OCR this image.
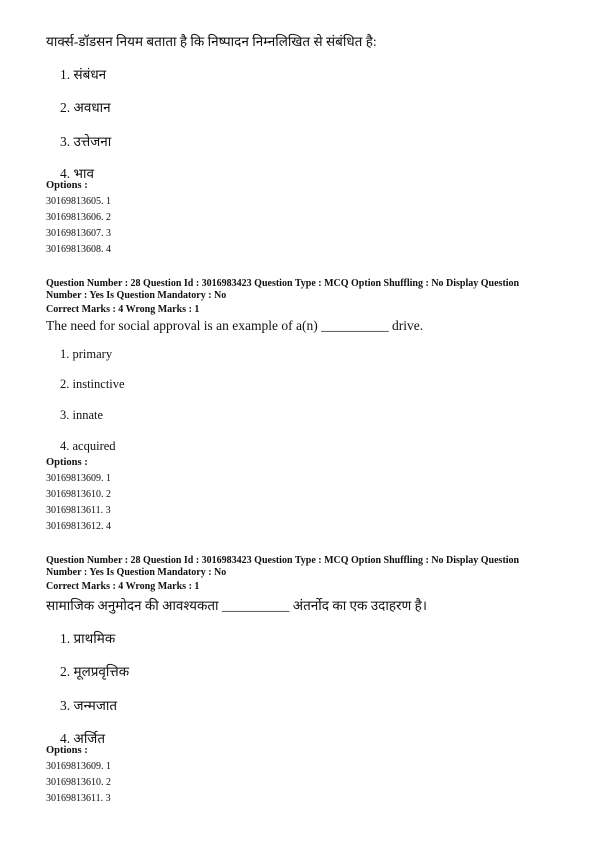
यार्क्स-डॉडसन नियम बताता है कि निष्पादन निम्नलिखित से संबंधित है:
1. संबंधन
2. अवधान
3. उत्तेजना
4. भाव
Options :
30169813605. 1
30169813606. 2
30169813607. 3
30169813608. 4
Question Number : 28 Question Id : 3016983423 Question Type : MCQ Option Shuffling : No Display Question Number : Yes Is Question Mandatory : No
Correct Marks : 4 Wrong Marks : 1
The need for social approval is an example of a(n) __________ drive.
1. primary
2. instinctive
3. innate
4. acquired
Options :
30169813609. 1
30169813610. 2
30169813611. 3
30169813612. 4
Question Number : 28 Question Id : 3016983423 Question Type : MCQ Option Shuffling : No Display Question Number : Yes Is Question Mandatory : No
Correct Marks : 4 Wrong Marks : 1
सामाजिक अनुमोदन की आवश्यकता __________ अंतर्नोद का एक उदाहरण है।
1. प्राथमिक
2. मूलप्रवृत्तिक
3. जन्मजात
4. अर्जित
Options :
30169813609. 1
30169813610. 2
30169813611. 3
